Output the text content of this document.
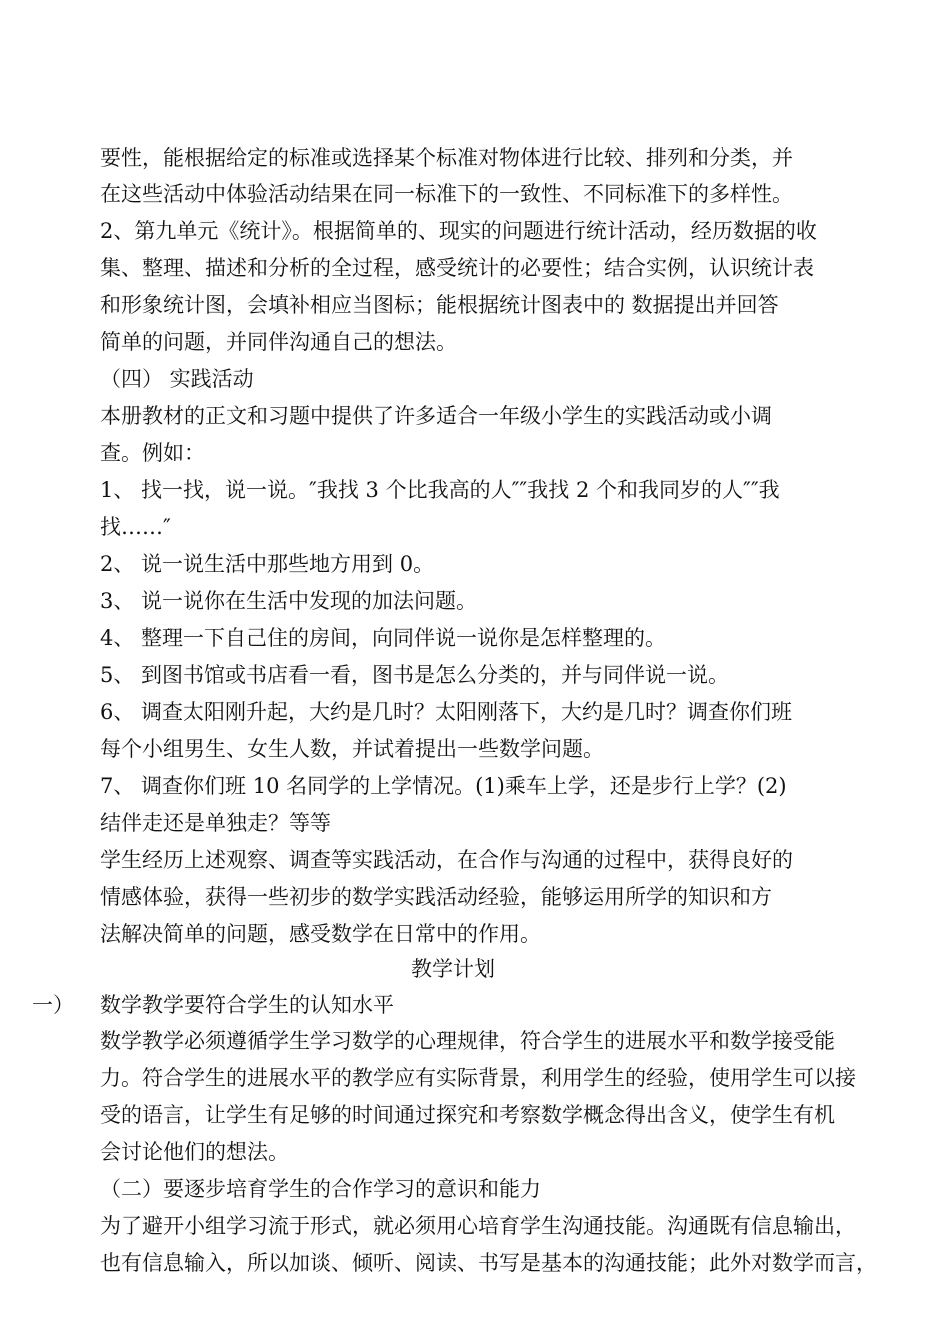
要性，能根据给定的标准或选择某个标准对物体进行比较、排列和分类，并

在这些活动中体验活动结果在同一标准下的一致性、不同标准下的多样性。

2、第九单元《统计》。根据简单的、现实的问题进行统计活动，经历数据的收

集、整理、描述和分析的全过程，感受统计的必要性；结合实例，认识统计表

和形象统计图，会填补相应当图标；能根据统计图表中的 数据提出并回答

简单的问题，并同伴沟通自己的想法。

（四） 实践活动

本册教材的正文和习题中提供了许多适合一年级小学生的实践活动或小调

查。例如：

1、 找一找，说一说。″我找 3 个比我高的人″″我找 2 个和我同岁的人″″我

找……″

2、 说一说生活中那些地方用到 0。

3、 说一说你在生活中发现的加法问题。

4、 整理一下自己住的房间，向同伴说一说你是怎样整理的。

5、 到图书馆或书店看一看，图书是怎么分类的，并与同伴说一说。

6、 调查太阳刚升起，大约是几时？太阳刚落下，大约是几时？调查你们班

每个小组男生、女生人数，并试着提出一些数学问题。

7、 调查你们班 10 名同学的上学情况。(1)乘车上学，还是步行上学？(2)

结伴走还是单独走？等等

学生经历上述观察、调查等实践活动，在合作与沟通的过程中，获得良好的

情感体验，获得一些初步的数学实践活动经验，能够运用所学的知识和方

法解决简单的问题，感受数学在日常中的作用。

教学计划

一） 数学教学要符合学生的认知水平

数学教学必须遵循学生学习数学的心理规律，符合学生的进展水平和数学接受能

力。符合学生的进展水平的教学应有实际背景，利用学生的经验，使用学生可以接

受的语言，让学生有足够的时间通过探究和考察数学概念得出含义，使学生有机

会讨论他们的想法。

（二）要逐步培育学生的合作学习的意识和能力

为了避开小组学习流于形式，就必须用心培育学生沟通技能。沟通既有信息输出，

也有信息输入，所以加谈、倾听、阅读、书写是基本的沟通技能；此外对数学而言，
